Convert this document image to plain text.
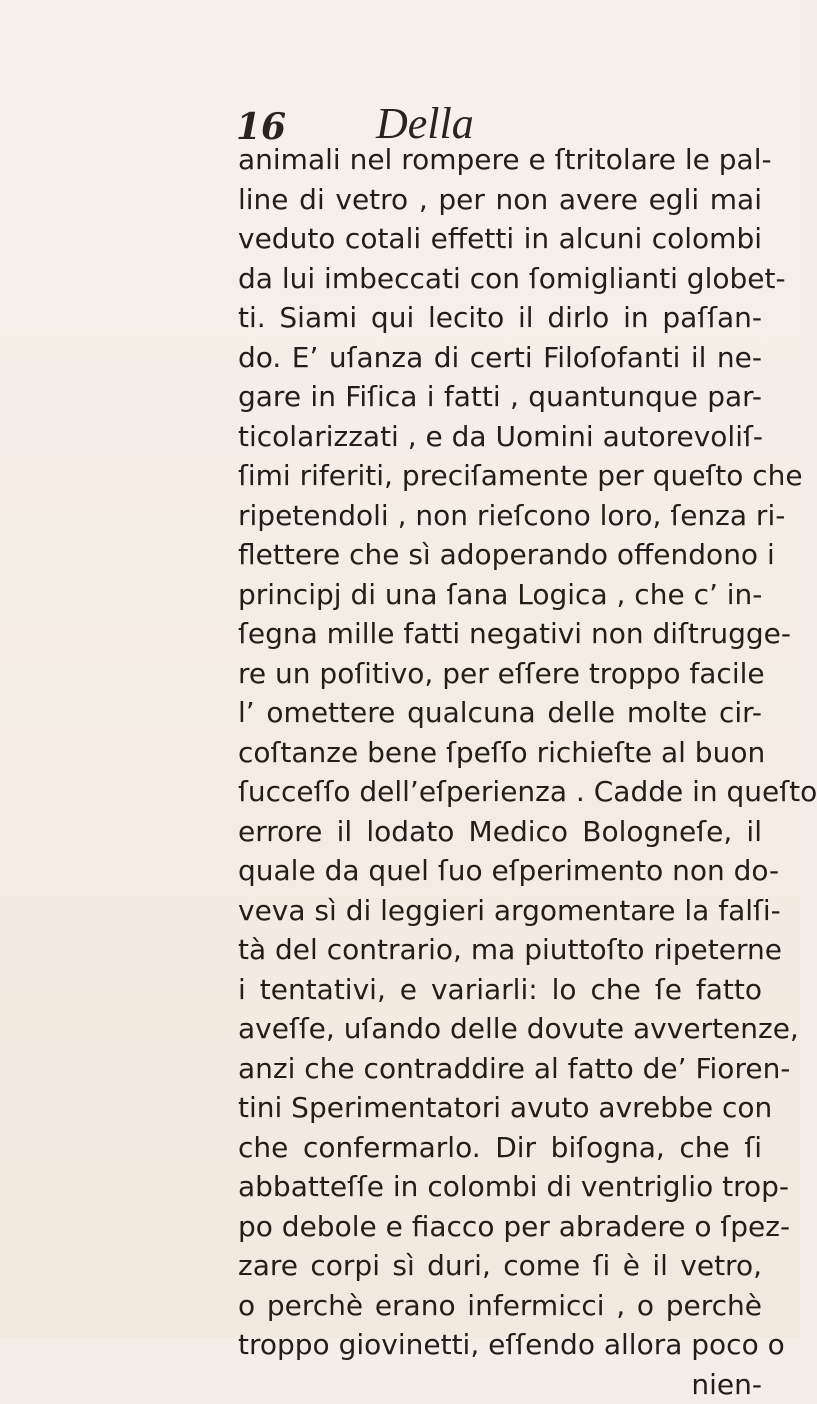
16 Della
animali nel rompere e ſtritolare le pal-
line di vetro , per non avere egli mai
veduto cotali effetti in alcuni colombi
da lui imbeccati con ſomiglianti globet-
ti. Siami qui lecito il dirlo in paſſan-
do. E’ uſanza di certi Filoſofanti il ne-
gare in Fiſica i fatti , quantunque par-
ticolarizzati , e da Uomini autorevoliſ-
ſimi riferiti, preciſamente per queſto che
ripetendoli , non rieſcono loro, ſenza ri-
flettere che sì adoperando offendono i
principj di una ſana Logica , che c’ in-
ſegna mille fatti negativi non diſtrugge-
re un poſitivo, per eſſere troppo facile
l’ omettere qualcuna delle molte cir-
coſtanze bene ſpeſſo richieſte al buon
ſucceſſo dell’eſperienza . Cadde in queſto
errore il lodato Medico Bologneſe, il
quale da quel ſuo eſperimento non do-
veva sì di leggieri argomentare la falſi-
tà del contrario, ma piuttoſto ripeterne
i tentativi, e variarli: lo che ſe fatto
aveſſe, uſando delle dovute avvertenze,
anzi che contraddire al fatto de’ Fioren-
tini Sperimentatori avuto avrebbe con
che confermarlo. Dir biſogna, che ſi
abbatteſſe in colombi di ventriglio trop-
po debole e fiacco per abradere o ſpez-
zare corpi sì duri, come ſi è il vetro,
o perchè erano infermicci , o perchè
troppo giovinetti, eſſendo allora poco o
nien-
